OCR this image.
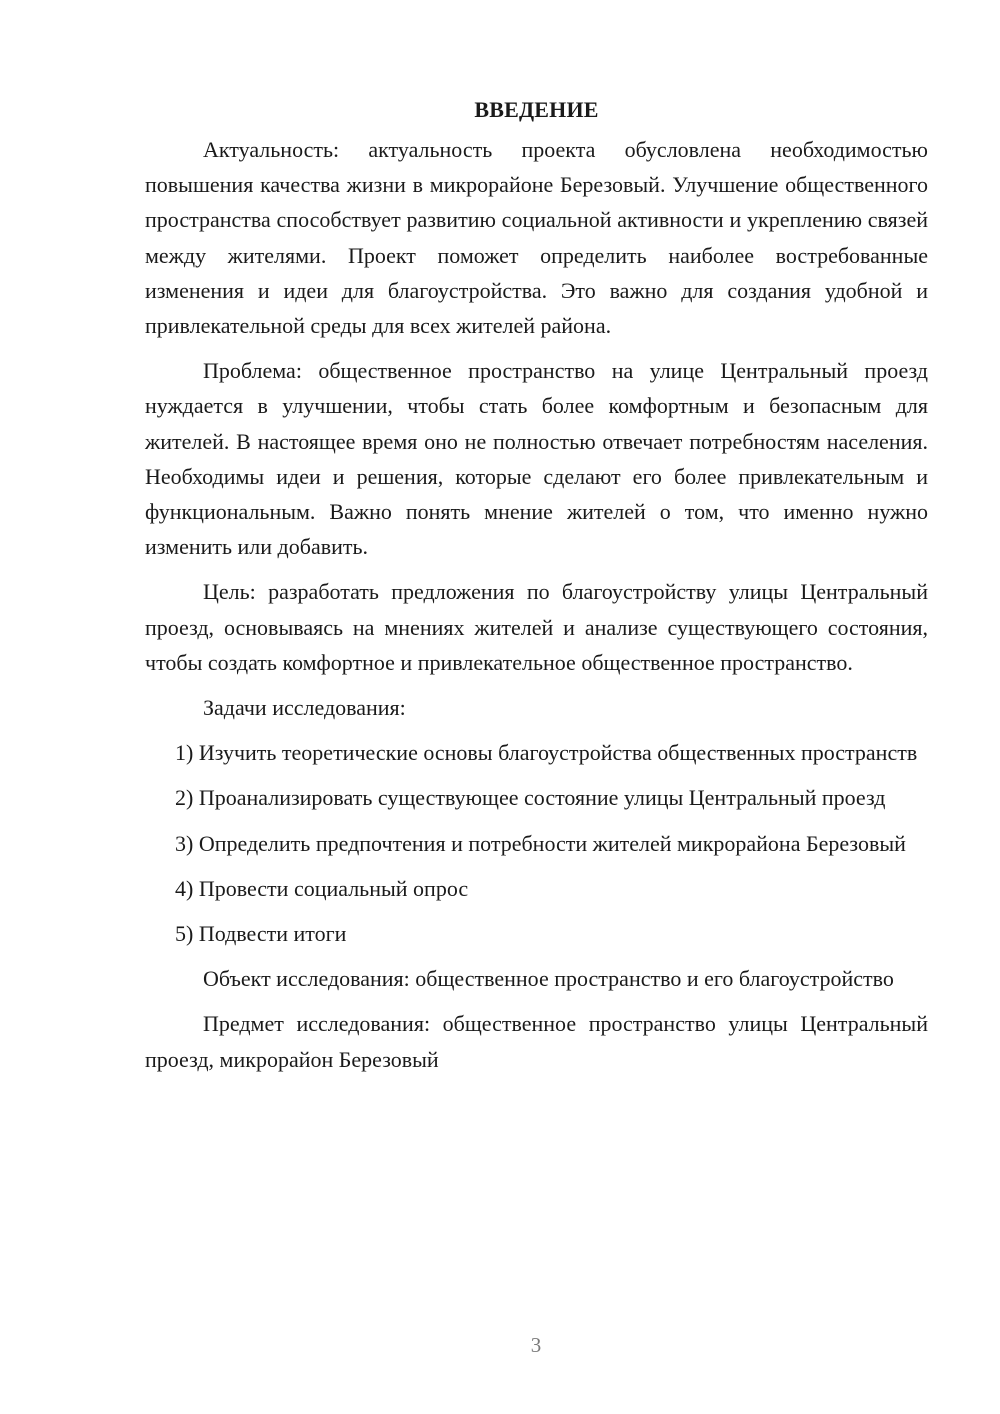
ВВЕДЕНИЕ

Актуальность: актуальность проекта обусловлена необходимостью повышения качества жизни в микрорайоне Березовый. Улучшение общественного пространства способствует развитию социальной активности и укреплению связей между жителями. Проект поможет определить наиболее востребованные изменения и идеи для благоустройства. Это важно для создания удобной и привлекательной среды для всех жителей района.

Проблема: общественное пространство на улице Центральный проезд нуждается в улучшении, чтобы стать более комфортным и безопасным для жителей. В настоящее время оно не полностью отвечает потребностям населения. Необходимы идеи и решения, которые сделают его более привлекательным и функциональным. Важно понять мнение жителей о том, что именно нужно изменить или добавить.

Цель: разработать предложения по благоустройству улицы Центральный проезд, основываясь на мнениях жителей и анализе существующего состояния, чтобы создать комфортное и привлекательное общественное пространство.

Задачи исследования:

1) Изучить теоретические основы благоустройства общественных пространств

2) Проанализировать существующее состояние улицы Центральный проезд

3) Определить предпочтения и потребности жителей микрорайона Березовый

4) Провести социальный опрос

5) Подвести итоги

Объект исследования: общественное пространство и его благоустройство

Предмет исследования: общественное пространство улицы Центральный проезд, микрорайон Березовый

3
